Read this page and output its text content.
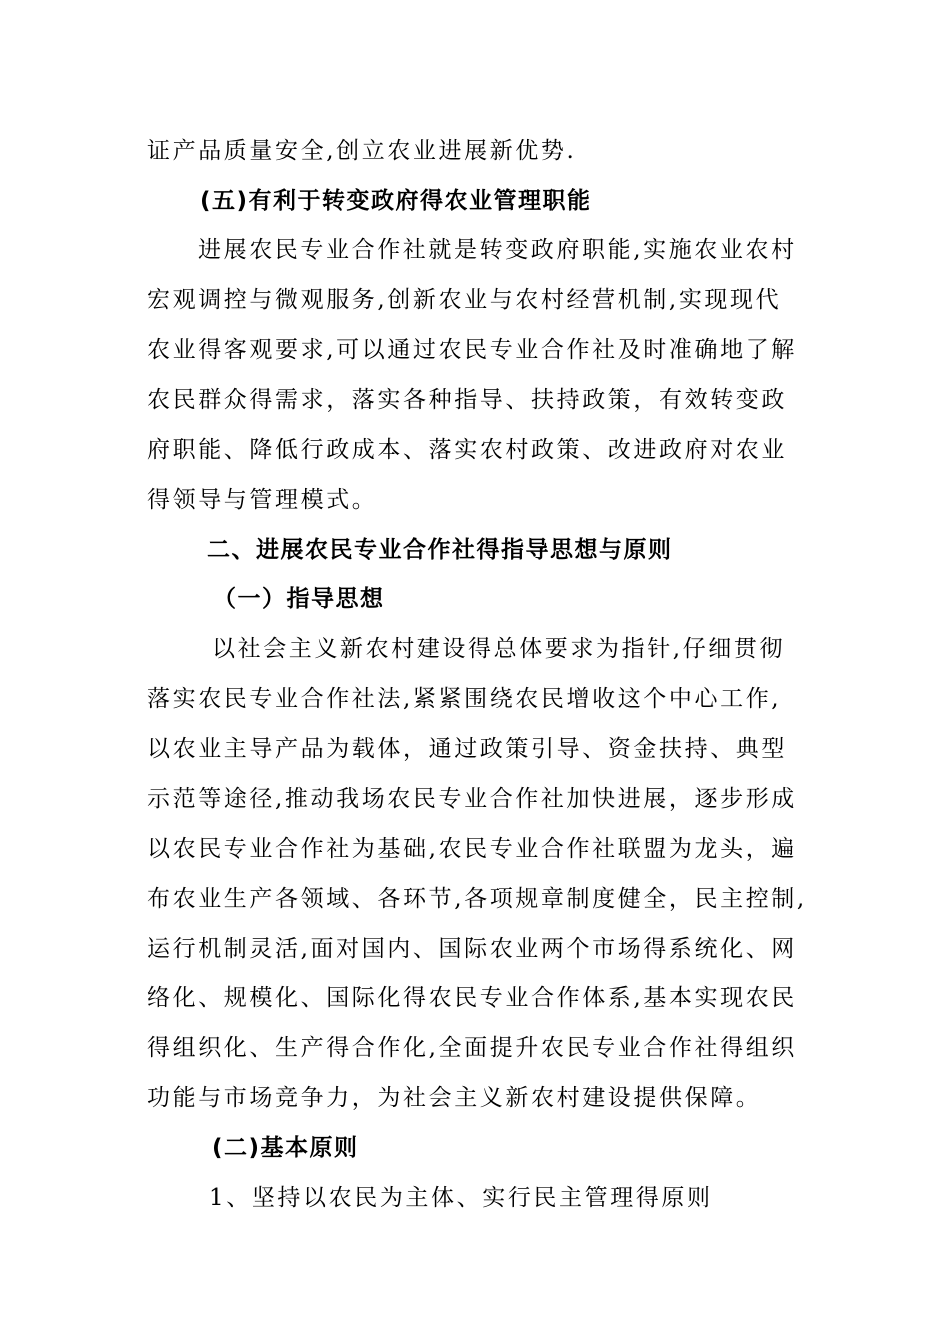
证产品质量安全,创立农业进展新优势.
(五)有利于转变政府得农业管理职能
进展农民专业合作社就是转变政府职能,实施农业农村
宏观调控与微观服务,创新农业与农村经营机制,实现现代
农业得客观要求,可以通过农民专业合作社及时准确地了解
农民群众得需求，落实各种指导、扶持政策，有效转变政
府职能、降低行政成本、落实农村政策、改进政府对农业
得领导与管理模式。
二、进展农民专业合作社得指导思想与原则
（一）指导思想
以社会主义新农村建设得总体要求为指针,仔细贯彻
落实农民专业合作社法,紧紧围绕农民增收这个中心工作,
以农业主导产品为载体，通过政策引导、资金扶持、典型
示范等途径,推动我场农民专业合作社加快进展，逐步形成
以农民专业合作社为基础,农民专业合作社联盟为龙头，遍
布农业生产各领域、各环节,各项规章制度健全，民主控制,
运行机制灵活,面对国内、国际农业两个市场得系统化、网
络化、规模化、国际化得农民专业合作体系,基本实现农民
得组织化、生产得合作化,全面提升农民专业合作社得组织
功能与市场竞争力，为社会主义新农村建设提供保障。
(二)基本原则
1、坚持以农民为主体、实行民主管理得原则
